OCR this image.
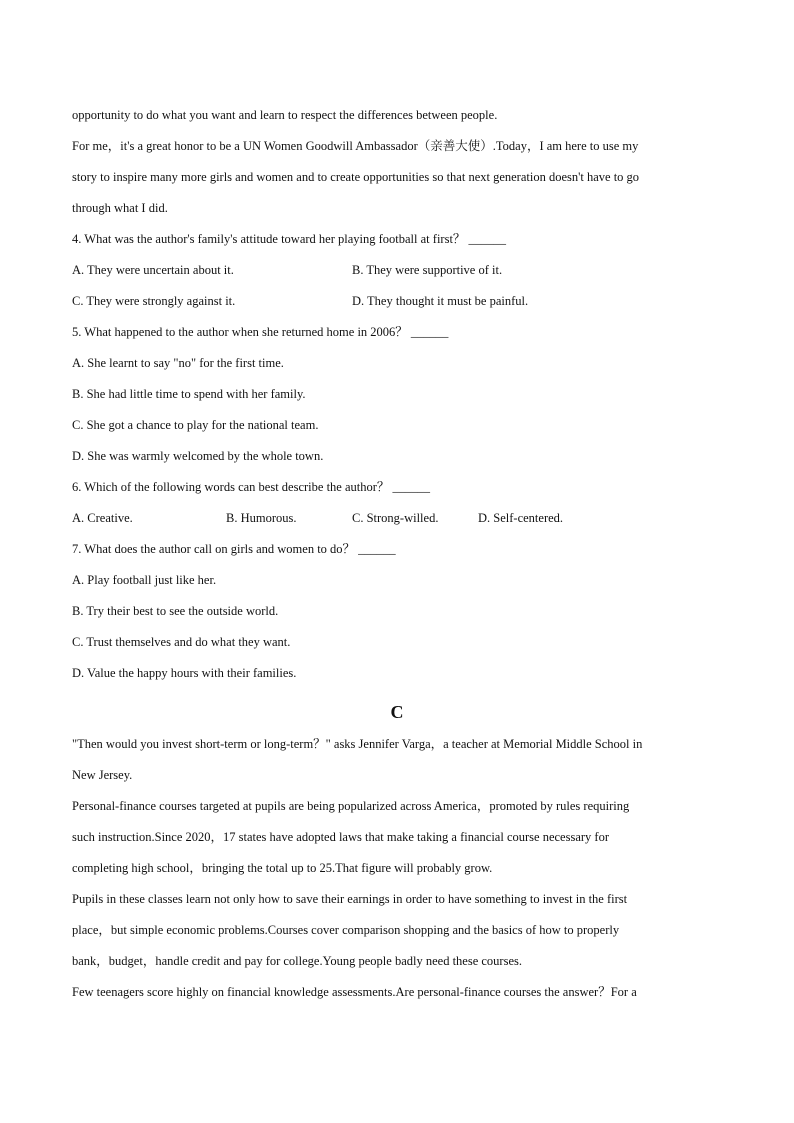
opportunity to do what you want and learn to respect the differences between people.
For me，it's a great honor to be a UN Women Goodwill Ambassador（亲善大使）.Today，I am here to use my
story to inspire many more girls and women and to create opportunities so that next generation doesn't have to go
through what I did.
4. What was the author's family's attitude toward her playing football at first？ ______
A. They were uncertain about it.	B. They were supportive of it.
C. They were strongly against it.	D. They thought it must be painful.
5. What happened to the author when she returned home in 2006？ ______
A. She learnt to say "no" for the first time.
B. She had little time to spend with her family.
C. She got a chance to play for the national team.
D. She was warmly welcomed by the whole town.
6. Which of the following words can best describe the author？ ______
A. Creative.	B. Humorous.	C. Strong-willed.	D. Self-centered.
7. What does the author call on girls and women to do？ ______
A. Play football just like her.
B. Try their best to see the outside world.
C. Trust themselves and do what they want.
D. Value the happy hours with their families.
C
"Then would you invest short-term or long-term？" asks Jennifer Varga，a teacher at Memorial Middle School in
New Jersey.
Personal-finance courses targeted at pupils are being popularized across America，promoted by rules requiring
such instruction.Since 2020，17 states have adopted laws that make taking a financial course necessary for
completing high school，bringing the total up to 25.That figure will probably grow.
Pupils in these classes learn not only how to save their earnings in order to have something to invest in the first
place，but simple economic problems.Courses cover comparison shopping and the basics of how to properly
bank，budget，handle credit and pay for college.Young people badly need these courses.
Few teenagers score highly on financial knowledge assessments.Are personal-finance courses the answer？For a
